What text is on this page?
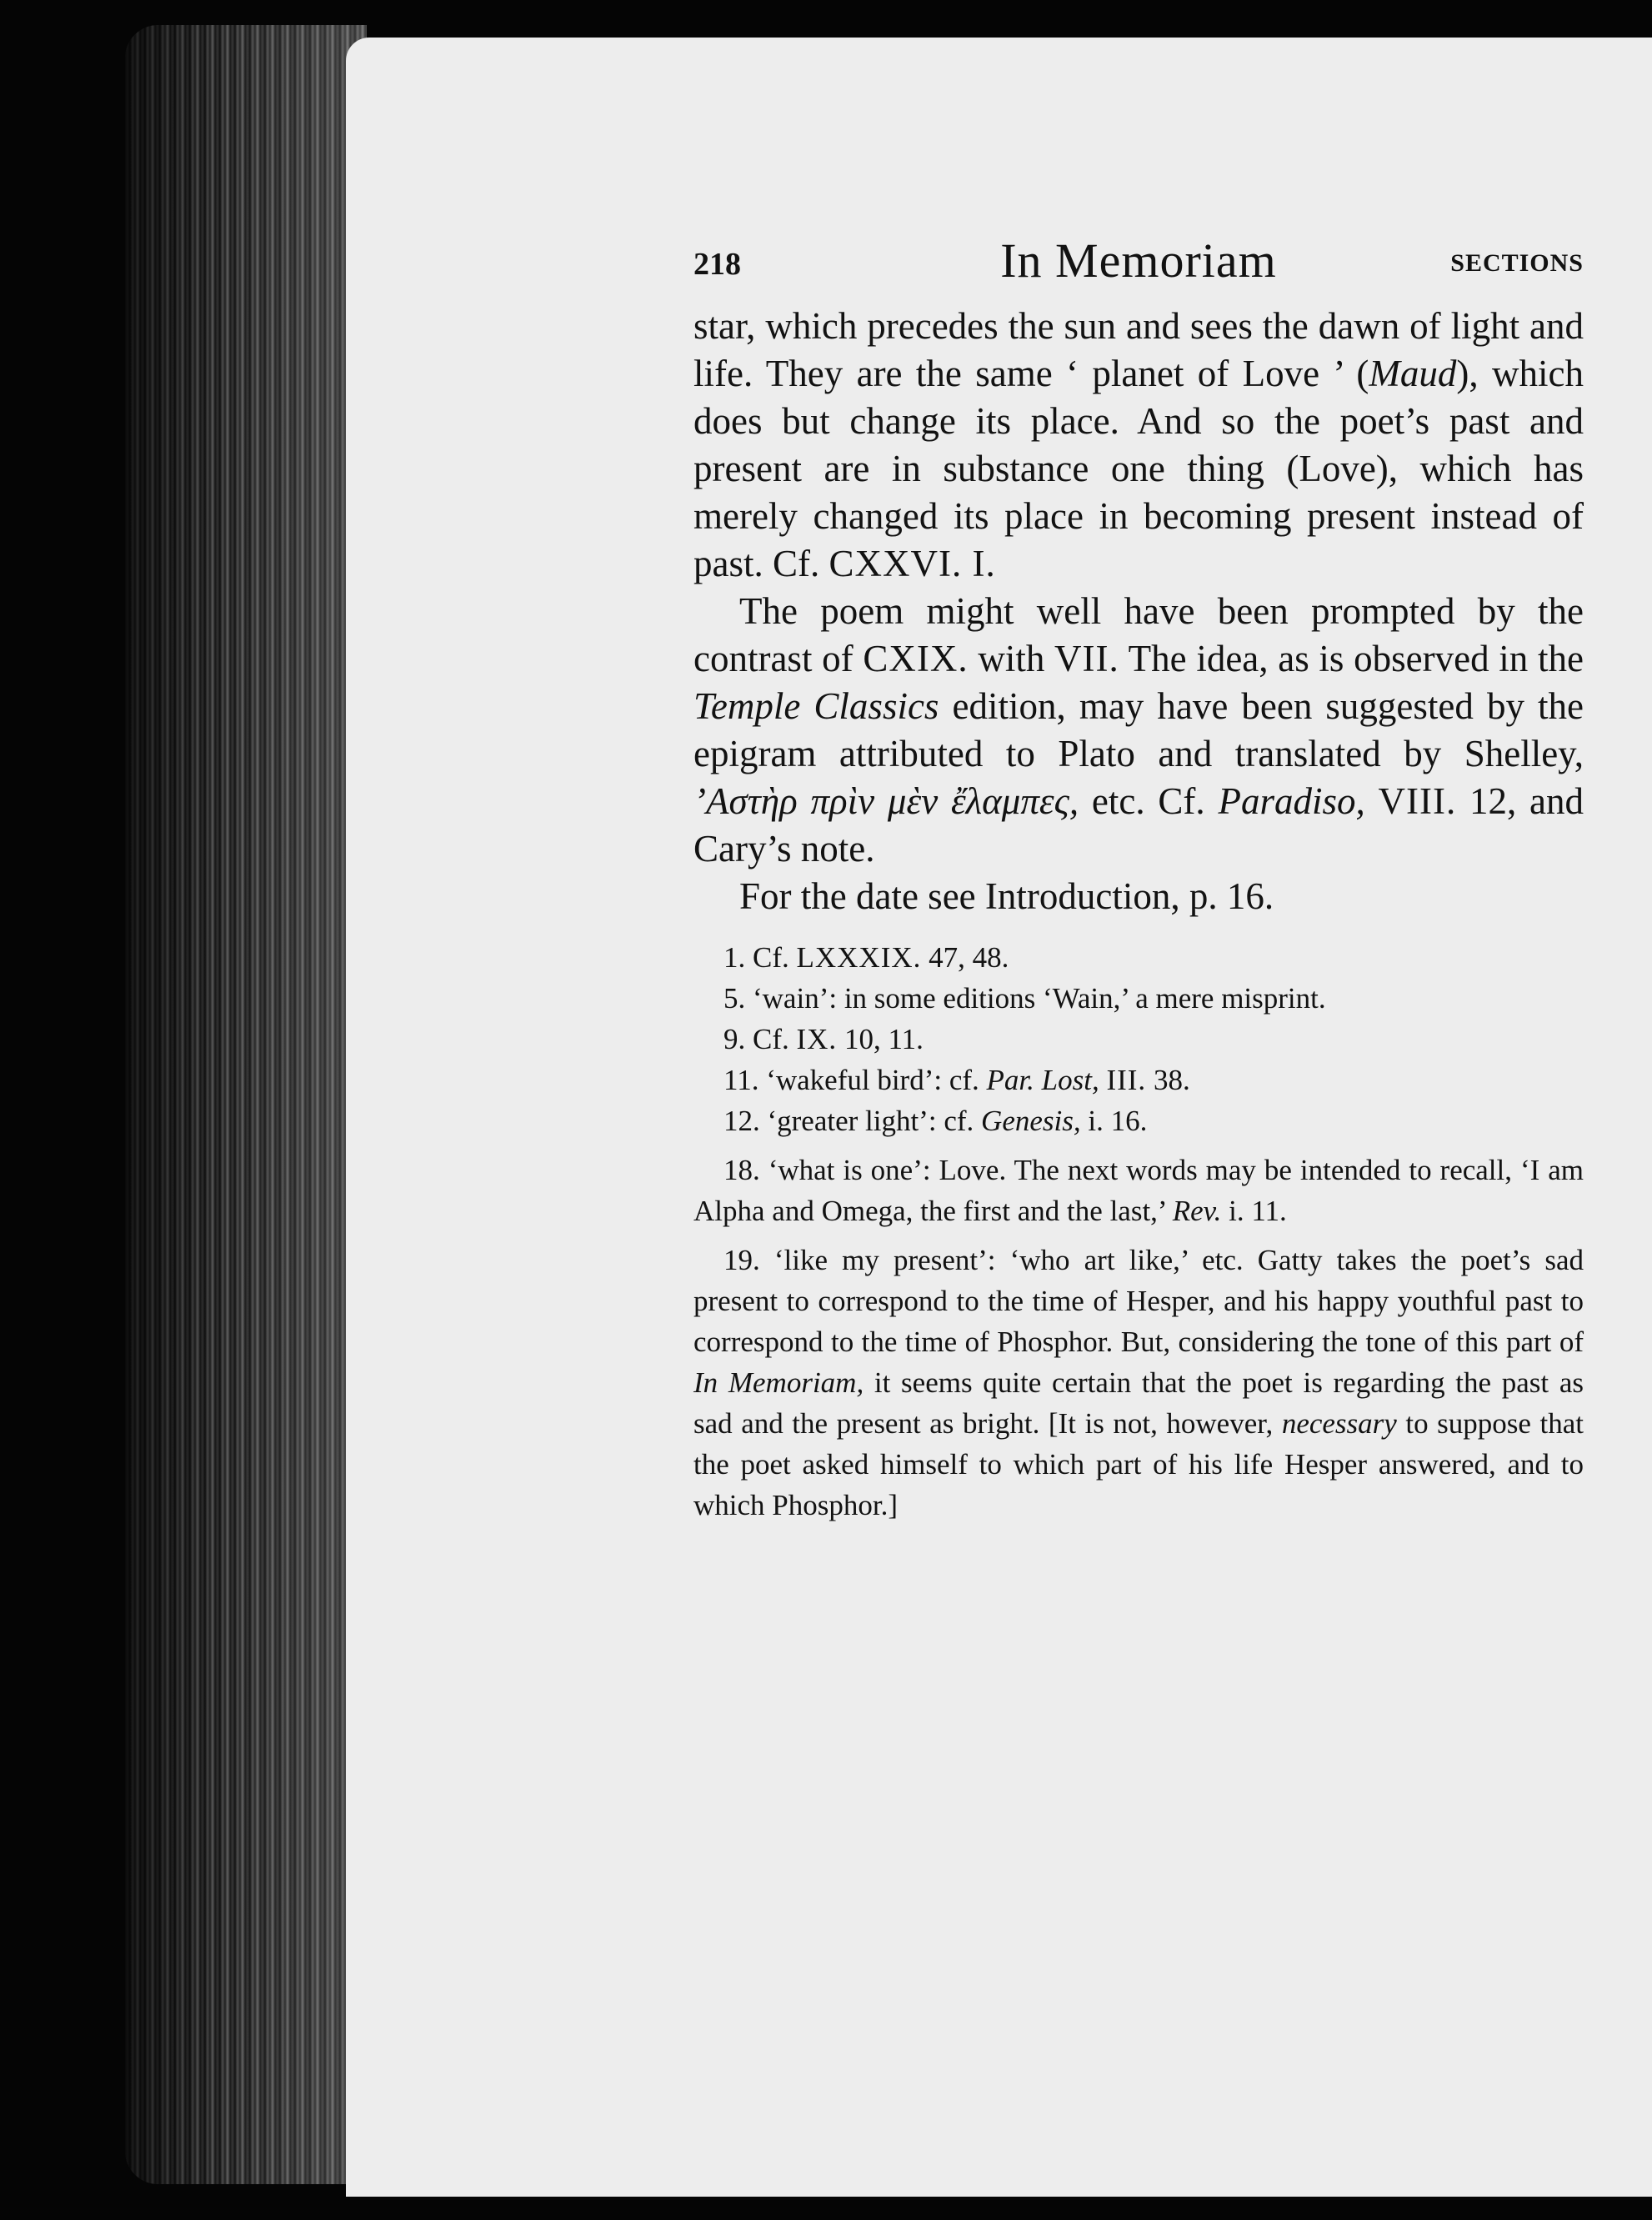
218	In Memoriam	SECTIONS

star, which precedes the sun and sees the dawn of light and life. They are the same ‘ planet of Love ’ (Maud), which does but change its place. And so the poet’s past and present are in substance one thing (Love), which has merely changed its place in becoming present instead of past. Cf. CXXVI. I.

The poem might well have been prompted by the contrast of CXIX. with VII. The idea, as is observed in the Temple Classics edition, may have been suggested by the epigram attributed to Plato and translated by Shelley, ’Αστὴρ πρὶν μὲν ἔλαμπες, etc. Cf. Paradiso, VIII. 12, and Cary’s note.

For the date see Introduction, p. 16.

1. Cf. LXXXIX. 47, 48.

5. ‘wain’: in some editions ‘Wain,’ a mere misprint.

9. Cf. IX. 10, 11.

11. ‘wakeful bird’: cf. Par. Lost, III. 38.

12. ‘greater light’: cf. Genesis, i. 16.

18. ‘what is one’: Love. The next words may be intended to recall, ‘I am Alpha and Omega, the first and the last,’ Rev. i. 11.

19. ‘like my present’: ‘who art like,’ etc. Gatty takes the poet’s sad present to correspond to the time of Hesper, and his happy youthful past to correspond to the time of Phosphor. But, considering the tone of this part of In Memoriam, it seems quite certain that the poet is regarding the past as sad and the present as bright. [It is not, however, necessary to suppose that the poet asked himself to which part of his life Hesper answered, and to which Phosphor.]
